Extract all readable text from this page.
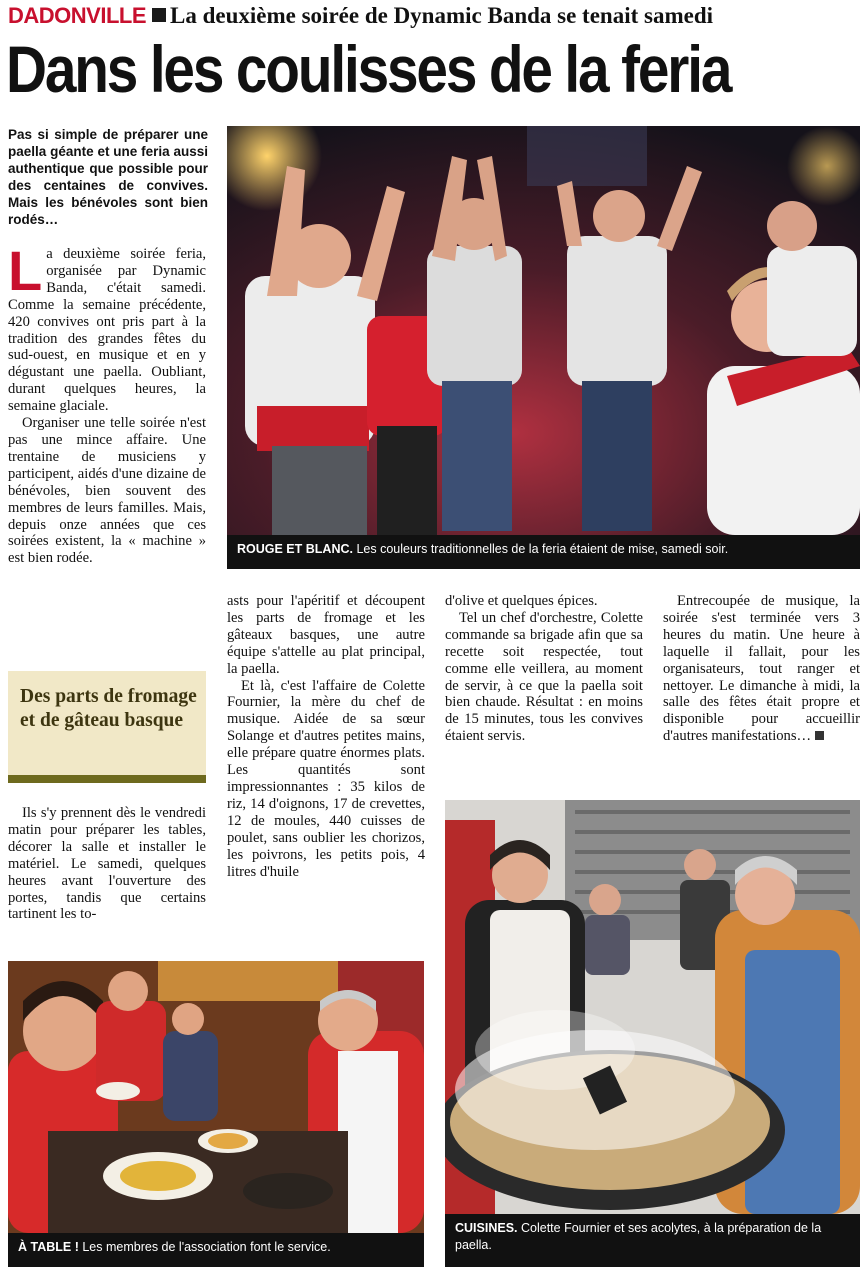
DADONVILLE La deuxième soirée de Dynamic Banda se tenait samedi
Dans les coulisses de la feria

Pas si simple de préparer une paella géante et une feria aussi authentique que possible pour des centaines de convives. Mais les bénévoles sont bien rodés…

La deuxième soirée feria, organisée par Dynamic Banda, c'était samedi. Comme la semaine précédente, 420 convives ont pris part à la tradition des grandes fêtes du sud-ouest, en musique et en y dégustant une paella. Oubliant, durant quelques heures, la semaine glaciale.

Organiser une telle soirée n'est pas une mince affaire. Une trentaine de musiciens y participent, aidés d'une dizaine de bénévoles, bien souvent des membres de leurs familles. Mais, depuis onze années que ces soirées existent, la « machine » est bien rodée.

Des parts de fromage et de gâteau basque

Ils s'y prennent dès le vendredi matin pour préparer les tables, décorer la salle et installer le matériel. Le samedi, quelques heures avant l'ouverture des portes, tandis que certains tartinent les to-

asts pour l'apéritif et découpent les parts de fromage et les gâteaux basques, une autre équipe s'attelle au plat principal, la paella.

Et là, c'est l'affaire de Colette Fournier, la mère du chef de musique. Aidée de sa sœur Solange et d'autres petites mains, elle prépare quatre énormes plats. Les quantités sont impressionnantes : 35 kilos de riz, 14 d'oignons, 17 de crevettes, 12 de moules, 440 cuisses de poulet, sans oublier les chorizos, les poivrons, les petits pois, 4 litres d'huile

d'olive et quelques épices.

Tel un chef d'orchestre, Colette commande sa brigade afin que sa recette soit respectée, tout comme elle veillera, au moment de servir, à ce que la paella soit bien chaude. Résultat : en moins de 15 minutes, tous les convives étaient servis.

Entrecoupée de musique, la soirée s'est terminée vers 3 heures du matin. Une heure à laquelle il fallait, pour les organisateurs, tout ranger et nettoyer. Le dimanche à midi, la salle des fêtes était propre et disponible pour accueillir d'autres manifestations…

ROUGE ET BLANC. Les couleurs traditionnelles de la feria étaient de mise, samedi soir.
À TABLE ! Les membres de l'association font le service.
CUISINES. Colette Fournier et ses acolytes, à la préparation de la paella.
